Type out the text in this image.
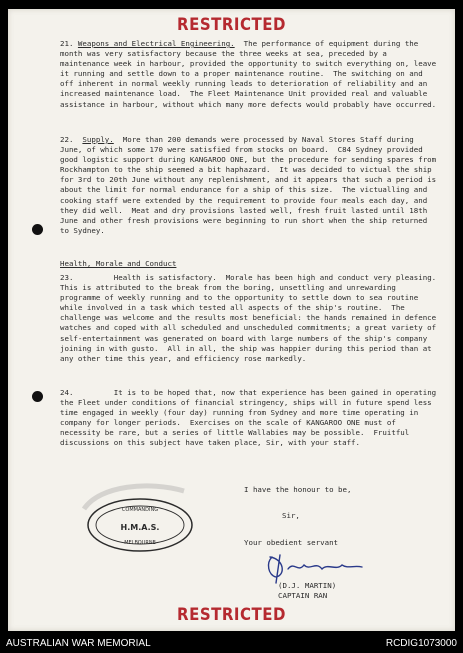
RESTRICTED

21. Weapons and Electrical Engineering. The performance of equipment during the month was very satisfactory because the three weeks at sea, preceded by a maintenance week in harbour, provided the opportunity to switch everything on, leave it running and settle down to a proper maintenance routine.  The switching on and off inherent in normal weekly running leads to deterioration of reliability and an increased maintenance load.  The Fleet Maintenance Unit provided real and valuable assistance in harbour, without which many more defects would probably have occurred.

22. Supply. More than 200 demands were processed by Naval Stores Staff during June, of which some 170 were satisfied from stocks on board.  C84 Sydney provided good logistic support during KANGAROO ONE, but the procedure for sending spares from Rockhampton to the ship seemed a bit haphazard.  It was decided to victual the ship for 3rd to 20th June without any replenishment, and it appears that such a period is about the limit for normal endurance for a ship of this size.  The victualling and cooking staff were extended by the requirement to provide four meals each day, and they did well.  Meat and dry provisions lasted well, fresh fruit lasted until 18th June and other fresh provisions were beginning to run short when the ship returned to Sydney.

Health, Morale and Conduct

23.	Health is satisfactory.  Morale has been high and conduct very pleasing.  This is attributed to the break from the boring, unsettling and unrewarding programme of weekly running and to the opportunity to settle down to sea routine while involved in a task which tested all aspects of the ship's routine.  The challenge was welcome and the results most beneficial: the hands remained in defence watches and coped with all scheduled and unscheduled commitments; a great variety of self-entertainment was generated on board with large numbers of the ship's company joining in with gusto.  All in all, the ship was happier during this period than at any other time this year, and efficiency rose markedly.

24.	It is to be hoped that, now that experience has been gained in operating the Fleet under conditions of financial stringency, ships will in future spend less time engaged in weekly (four day) running from Sydney and more time operating in company for longer periods.  Exercises on the scale of KANGAROO ONE must of necessity be rare, but a series of little Wallabies may be possible.  Fruitful discussions on this subject have taken place, Sir, with your staff.

I have the honour to be,
Sir,
Your obedient servant
(D.J. MARTIN)
CAPTAIN RAN
COMMANDING
H.M.A.S.
MELBOURNE
RESTRICTED
AUSTRALIAN WAR MEMORIAL	RCDIG1073000
